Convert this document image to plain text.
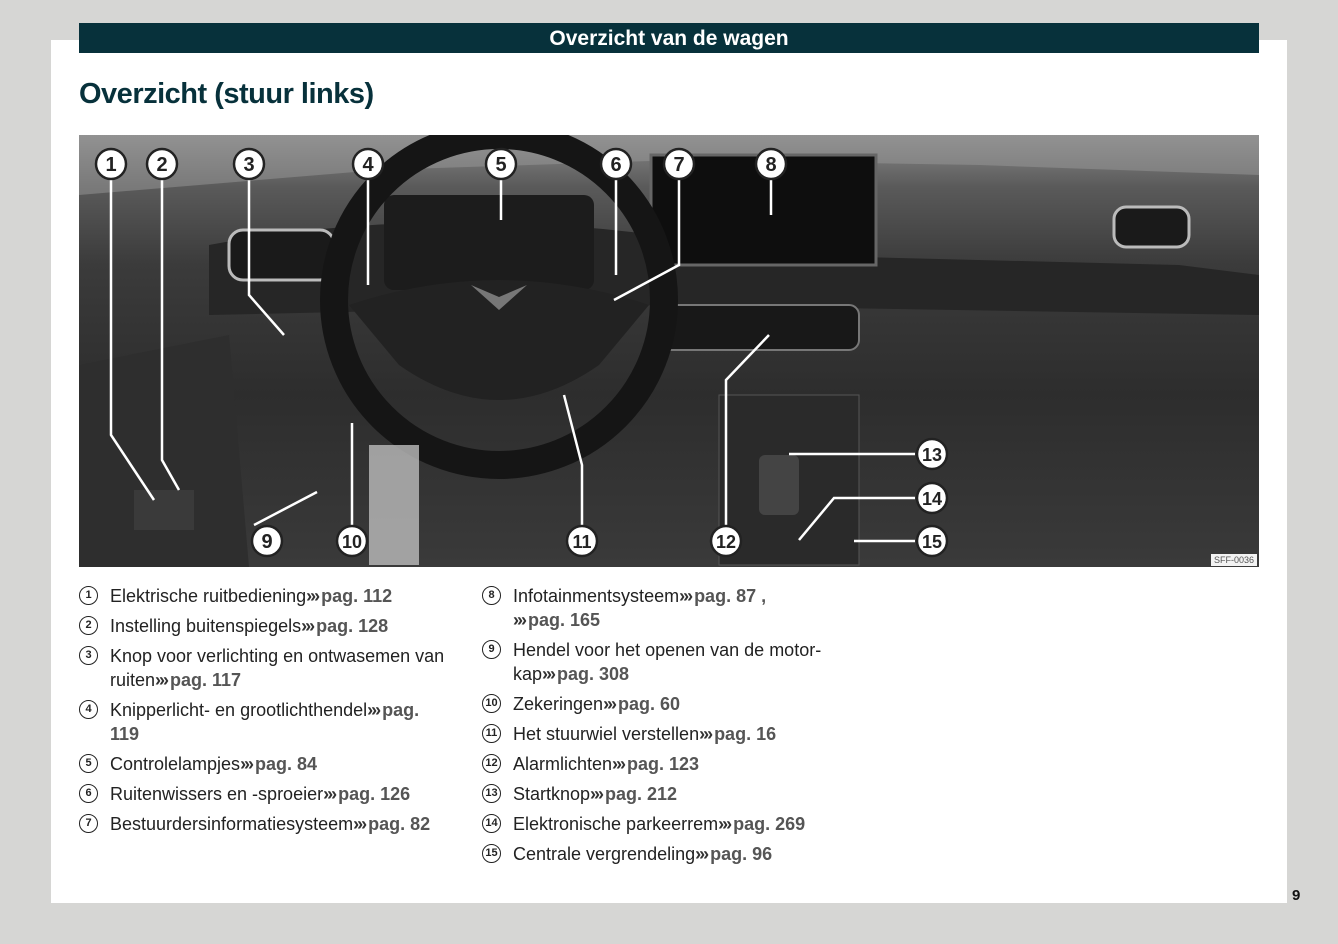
Overzicht van de wagen
Overzicht (stuur links)
1 2	3	4	5	6	7	8
9	10	11	12
13
14
15
SFF-0036
1	Elektrische ruitbediening››› pag. 112
2	Instelling buitenspiegels››› pag. 128
3	Knop voor verlichting en ontwasemen van ruiten››› pag. 117
4	Knipperlicht- en grootlichthendel››› pag. 119
5	Controlelampjes››› pag. 84
6	Ruitenwissers en -sproeier››› pag. 126
7	Bestuurdersinformatiesysteem››› pag. 82
8	Infotainmentsysteem››› pag. 87 ,
››› pag. 165
9	Hendel voor het openen van de motor-kap››› pag. 308
10 Zekeringen››› pag. 60
11 Het stuurwiel verstellen››› pag. 16
12 Alarmlichten››› pag. 123
13 Startknop››› pag. 212
14 Elektronische parkeerrem››› pag. 269
15 Centrale vergrendeling››› pag. 96
9
